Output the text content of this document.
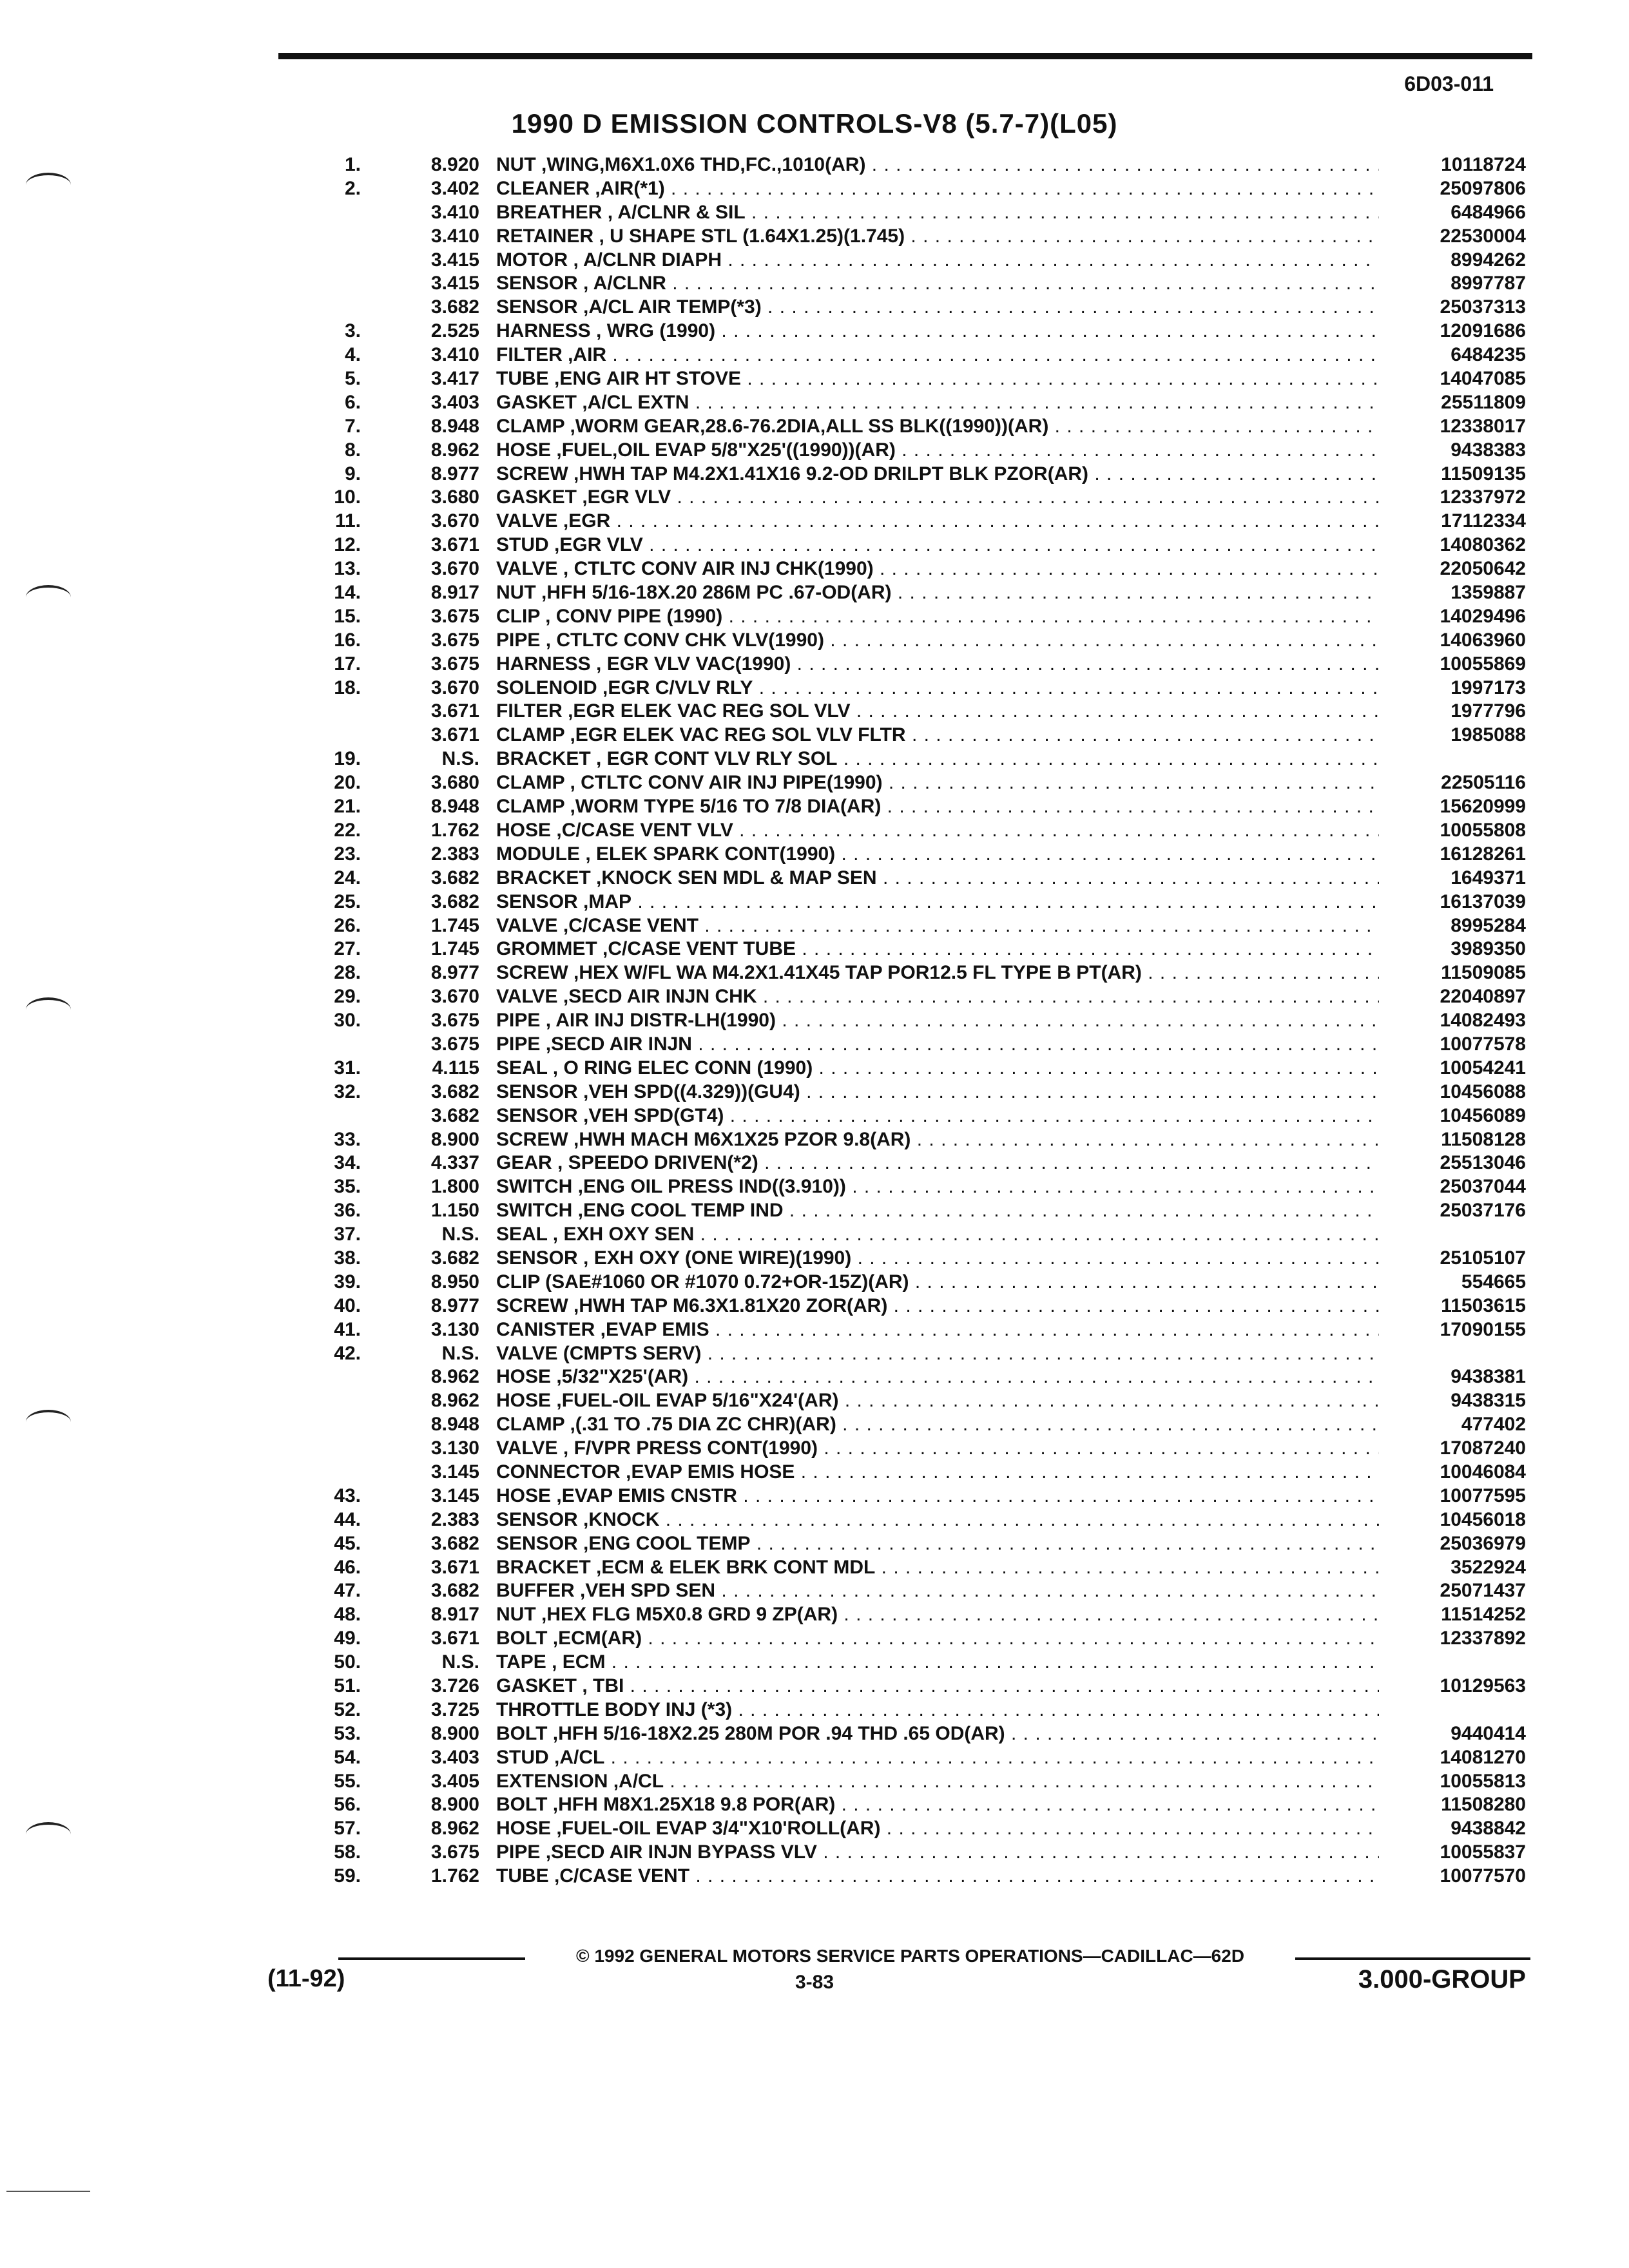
6D03-011
1990 D EMISSION CONTROLS-V8 (5.7-7)(L05)
1.	8.920 NUT ,WING,M6X1.0X6 THD,FC.,1010(AR) . . .	10118724
2.	3.402 CLEANER ,AIR(*1) . . .	25097806
3.410 BREATHER , A/CLNR & SIL . . .	6484966
3.410 RETAINER , U SHAPE STL (1.64X1.25)(1.745) . . .	22530004
3.415 MOTOR , A/CLNR DIAPH . . .	8994262
3.415 SENSOR , A/CLNR . . .	8997787
3.682 SENSOR ,A/CL AIR TEMP(*3) . . .	25037313
3.	2.525 HARNESS , WRG (1990) . . .	12091686
4.	3.410 FILTER ,AIR . . .	6484235
5.	3.417 TUBE ,ENG AIR HT STOVE . . .	14047085
6.	3.403 GASKET ,A/CL EXTN . . .	25511809
7.	8.948 CLAMP ,WORM GEAR,28.6-76.2DIA,ALL SS BLK((1990))(AR) . . .	12338017
8.	8.962 HOSE ,FUEL,OIL EVAP 5/8"X25'((1990))(AR) . . .	9438383
9.	8.977 SCREW ,HWH TAP M4.2X1.41X16 9.2-OD DRILPT BLK PZOR(AR) . . .	11509135
10.	3.680 GASKET ,EGR VLV . . .	12337972
11.	3.670 VALVE ,EGR . . .	17112334
12.	3.671 STUD ,EGR VLV . . .	14080362
13.	3.670 VALVE , CTLTC CONV AIR INJ CHK(1990) . . .	22050642
14.	8.917 NUT ,HFH 5/16-18X.20 286M PC .67-OD(AR) . . .	1359887
15.	3.675 CLIP , CONV PIPE (1990) . . .	14029496
16.	3.675 PIPE , CTLTC CONV CHK VLV(1990) . . .	14063960
17.	3.675 HARNESS , EGR VLV VAC(1990) . . .	10055869
18.	3.670 SOLENOID ,EGR C/VLV RLY . . .	1997173
3.671 FILTER ,EGR ELEK VAC REG SOL VLV . . .	1977796
3.671 CLAMP ,EGR ELEK VAC REG SOL VLV FLTR . . .	1985088
19.	N.S. BRACKET , EGR CONT VLV RLY SOL . . .
20.	3.680 CLAMP , CTLTC CONV AIR INJ PIPE(1990) . . .	22505116
21.	8.948 CLAMP ,WORM TYPE 5/16 TO 7/8 DIA(AR) . . .	15620999
22.	1.762 HOSE ,C/CASE VENT VLV . . .	10055808
23.	2.383 MODULE , ELEK SPARK CONT(1990) . . .	16128261
24.	3.682 BRACKET ,KNOCK SEN MDL & MAP SEN . . .	1649371
25.	3.682 SENSOR ,MAP . . .	16137039
26.	1.745 VALVE ,C/CASE VENT . . .	8995284
27.	1.745 GROMMET ,C/CASE VENT TUBE . . .	3989350
28.	8.977 SCREW ,HEX W/FL WA M4.2X1.41X45 TAP POR12.5 FL TYPE B PT(AR) . . .	11509085
29.	3.670 VALVE ,SECD AIR INJN CHK . . .	22040897
30.	3.675 PIPE , AIR INJ DISTR-LH(1990) . . .	14082493
3.675 PIPE ,SECD AIR INJN . . .	10077578
31.	4.115 SEAL , O RING ELEC CONN (1990) . . .	10054241
32.	3.682 SENSOR ,VEH SPD((4.329))(GU4) . . .	10456088
3.682 SENSOR ,VEH SPD(GT4) . . .	10456089
33.	8.900 SCREW ,HWH MACH M6X1X25 PZOR 9.8(AR) . . .	11508128
34.	4.337 GEAR , SPEEDO DRIVEN(*2) . . .	25513046
35.	1.800 SWITCH ,ENG OIL PRESS IND((3.910)) . . .	25037044
36.	1.150 SWITCH ,ENG COOL TEMP IND . . .	25037176
37.	N.S. SEAL , EXH OXY SEN . . .
38.	3.682 SENSOR , EXH OXY (ONE WIRE)(1990) . . .	25105107
39.	8.950 CLIP (SAE#1060 OR #1070 0.72+OR-15Z)(AR) . . .	554665
40.	8.977 SCREW ,HWH TAP M6.3X1.81X20 ZOR(AR) . . .	11503615
41.	3.130 CANISTER ,EVAP EMIS . . .	17090155
42.	N.S. VALVE (CMPTS SERV) . . .
8.962 HOSE ,5/32"X25'(AR) . . .	9438381
8.962 HOSE ,FUEL-OIL EVAP 5/16"X24'(AR) . . .	9438315
8.948 CLAMP ,(.31 TO .75 DIA ZC CHR)(AR) . . .	477402
3.130 VALVE , F/VPR PRESS CONT(1990) . . .	17087240
3.145 CONNECTOR ,EVAP EMIS HOSE . . .	10046084
43.	3.145 HOSE ,EVAP EMIS CNSTR . . .	10077595
44.	2.383 SENSOR ,KNOCK . . .	10456018
45.	3.682 SENSOR ,ENG COOL TEMP . . .	25036979
46.	3.671 BRACKET ,ECM & ELEK BRK CONT MDL . . .	3522924
47.	3.682 BUFFER ,VEH SPD SEN . . .	25071437
48.	8.917 NUT ,HEX FLG M5X0.8 GRD 9 ZP(AR) . . .	11514252
49.	3.671 BOLT ,ECM(AR) . . .	12337892
50.	N.S. TAPE , ECM . . .
51.	3.726 GASKET , TBI . . .	10129563
52.	3.725 THROTTLE BODY INJ (*3) . . .
53.	8.900 BOLT ,HFH 5/16-18X2.25 280M POR .94 THD .65 OD(AR) . . .	9440414
54.	3.403 STUD ,A/CL . . .	14081270
55.	3.405 EXTENSION ,A/CL . . .	10055813
56.	8.900 BOLT ,HFH M8X1.25X18 9.8 POR(AR) . . .	11508280
57.	8.962 HOSE ,FUEL-OIL EVAP 3/4"X10'ROLL(AR) . . .	9438842
58.	3.675 PIPE ,SECD AIR INJN BYPASS VLV . . .	10055837
59.	1.762 TUBE ,C/CASE VENT . . .	10077570
© 1992 GENERAL MOTORS SERVICE PARTS OPERATIONS—CADILLAC—62D
(11-92)	3-83	3.000-GROUP
